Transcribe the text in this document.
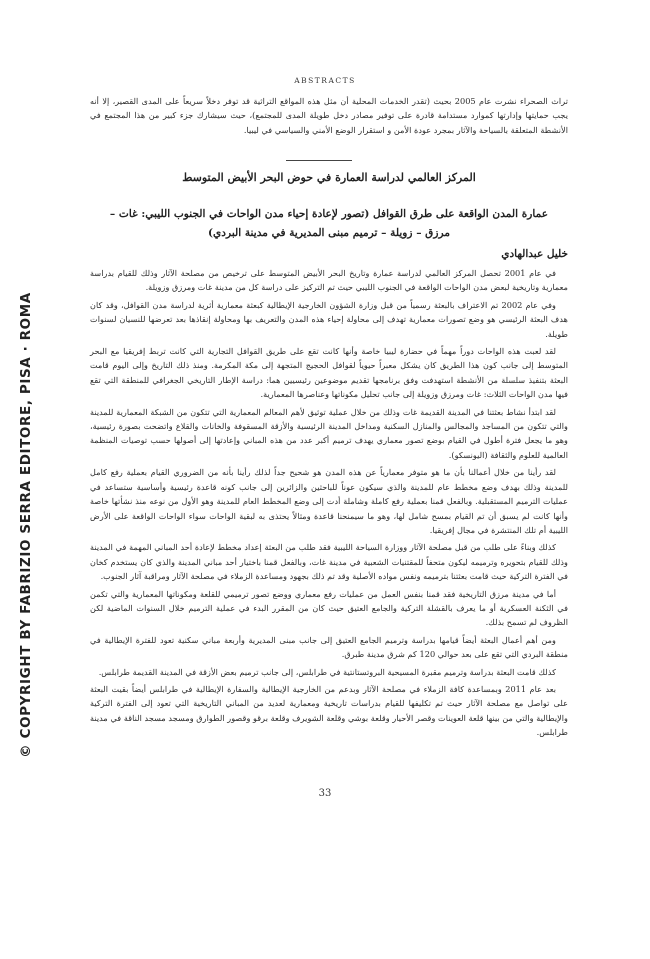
© COPYRIGHT BY FABRIZIO SERRA EDITORE, PISA · ROMA
ABSTRACTS

تراث الصحراء نشرت عام 2005 بحيث (تقدر الخدمات المحلية أن مثل هذه المواقع التراثية قد توفر دخلاً سريعاً على المدى القصير، إلا أنه يجب حمايتها وإدارتها كموارد مستدامة قادرة على توفير مصادر دخل طويلة المدى للمجتمع)، حيث سيشارك جزء كبير من هذا المجتمع في الأنشطة المتعلقة بالسياحة والآثار بمجرد عودة الأمن و استقرار الوضع الأمني والسياسي في ليبيا.

المركز العالمي لدراسة العمارة في حوض البحر الأبيض المتوسط
عمارة المدن الواقعة على طرق القوافل (تصور لإعادة إحياء مدن الواحات في الجنوب الليبي: غات – مرزق – زويلة – ترميم مبنى المديرية في مدينة البردي)
خليل عبدالهادي

في عام 2001 تحصل المركز العالمي لدراسة عمارة وتاريخ البحر الأبيض المتوسط على ترخيص من مصلحة الآثار وذلك للقيام بدراسة معمارية وتاريخية لبعض مدن الواحات الواقعة في الجنوب الليبي حيث تم التركيز على دراسة كل من مدينة غات ومرزق وزويلة.

وفي عام 2002 تم الاعتراف بالبعثة رسمياً من قبل وزارة الشؤون الخارجية الإيطالية كبعثة معمارية أثرية لدراسة مدن القوافل، وقد كان هدف البعثة الرئيسي هو وضع تصورات معمارية تهدف إلى محاولة إحياء هذه المدن والتعريف بها ومحاولة إنقاذها بعد تعرضها للنسيان لسنوات طويلة.

لقد لعبت هذه الواحات دوراً مهماً في حضارة ليبيا خاصة وأنها كانت تقع على طريق القوافل التجارية التي كانت تربط إفريقيا مع البحر المتوسط إلى جانب كون هذا الطريق كان يشكل معبراً حيوياً لقوافل الحجيج المتجهة إلى مكة المكرمة. ومنذ ذلك التاريخ وإلى اليوم قامت البعثة بتنفيذ سلسلة من الأنشطة استهدفت وفق برنامجها تقديم موضوعين رئيسيين هما: دراسة الإطار التاريخي الجغرافي للمنطقة التي تقع فيها مدن الواحات الثلاث: غات ومرزق وزويلة إلى جانب تحليل مكوناتها وعناصرها المعمارية.

لقد ابتدأ نشاط بعثتنا في المدينة القديمة غات وذلك من خلال عملية توثيق لأهم المعالم المعمارية التي تتكون من الشبكة المعمارية للمدينة والتي تتكون من المساجد والمجالس والمنازل السكنية ومداخل المدينة الرئيسية والأزقة المسقوفة والخانات والقلاع واتضحت بصورة رئيسية، وهو ما يجعل فترة أطول في القيام بوضع تصور معماري يهدف ترميم أكبر عدد من هذه المباني وإعادتها إلى أصولها حسب توصيات المنظمة العالمية للعلوم والثقافة (اليونسكو).

لقد رأينا من خلال أعمالنا بأن ما هو متوفر معمارياً عن هذه المدن هو شحيح جداً لذلك رأينا بأنه من الضروري القيام بعملية رفع كامل للمدينة وذلك بهدف وضع مخطط عام للمدينة والذي سيكون عوناً للباحثين والزائرين إلى جانب كونه قاعدة رئيسية وأساسية ستساعد في عمليات الترميم المستقبلية. وبالفعل قمنا بعملية رفع كاملة وشاملة أدت إلى وضع المخطط العام للمدينة وهو الأول من نوعه منذ نشأتها خاصة وأنها كانت لم يسبق أن تم القيام بمسح شامل لها، وهو ما سيمنحنا قاعدة ومثالاً يحتذى به لبقية الواحات سواء الواحات الواقعة على الأرض الليبية أم تلك المنتشرة في مجال إفريقيا.

كذلك وبناءً على طلب من قبل مصلحة الآثار ووزارة السياحة الليبية فقد طلب من البعثة إعداد مخطط لإعادة أحد المباني المهمة في المدينة وذلك للقيام بتحويره وترميمه ليكون متحفاً للمقتنيات الشعبية في مدينة غات، وبالفعل قمنا باختيار أحد مباني المدينة والذي كان يستخدم كخان في الفترة التركية حيث قامت بعثتنا بترميمه ونفس مواده الأصلية وقد تم ذلك بجهود ومساعدة الزملاء في مصلحة الآثار ومراقبة آثار الجنوب.

أما في مدينة مرزق التاريخية فقد قمنا بنفس العمل من عمليات رفع معماري ووضع تصور ترميمي للقلعة ومكوناتها المعمارية والتي تكمن في الثكنة العسكرية أو ما يعرف بالقشلة التركية والجامع العتيق حيث كان من المقرر البدء في عملية الترميم خلال السنوات الماضية لكن الظروف لم تسمح بذلك.

ومن أهم أعمال البعثة أيضاً قيامها بدراسة وترميم الجامع العتيق إلى جانب مبنى المديرية وأربعة مباني سكنية تعود للفترة الإيطالية في منطقة البردي التي تقع على بعد حوالي 120 كم شرق مدينة طبرق.

كذلك قامت البعثة بدراسة وترميم مقبرة المسيحية البروتستانتية في طرابلس، إلى جانب ترميم بعض الأزقة في المدينة القديمة طرابلس.

بعد عام 2011 وبمساعدة كافة الزملاء في مصلحة الآثار وبدعم من الخارجية الإيطالية والسفارة الإيطالية في طرابلس أيضاً بقيت البعثة على تواصل مع مصلحة الآثار حيث تم تكليفها للقيام بدراسات تاريخية ومعمارية لعديد من المباني التاريخية التي تعود إلى الفترة التركية والإيطالية والتي من بينها قلعة العوينات وقصر الأحيار وقلعة بوشي وقلعة الشويرف وقلعة برقو وقصور الطوارق ومسجد مسجد الناقة في مدينة طرابلس.

33
